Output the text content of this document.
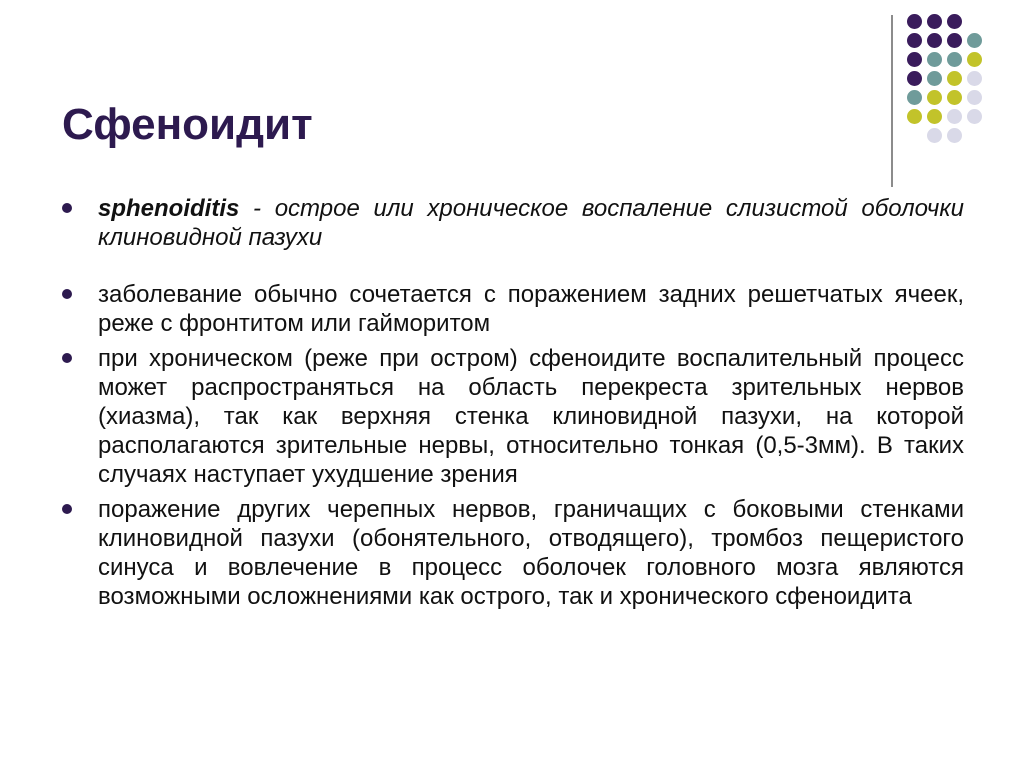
Сфеноидит
sphenoiditis - острое или хроническое воспаление слизистой оболочки клиновидной пазухи
заболевание обычно сочетается с поражением задних решетчатых ячеек, реже с фронтитом или гайморитом
при хроническом (реже при остром) сфеноидите воспалительный процесс может распространяться на область перекреста зрительных нервов (хиазма), так как верхняя стенка клиновидной пазухи, на которой располагаются зрительные нервы, относительно тонкая (0,5-3мм). В таких случаях наступает ухудшение зрения
поражение других черепных нервов, граничащих с боковыми стенками клиновидной пазухи (обонятельного, отводящего), тромбоз пещеристого синуса и вовлечение в процесс оболочек головного мозга являются возможными осложнениями как острого, так и хронического сфеноидита
